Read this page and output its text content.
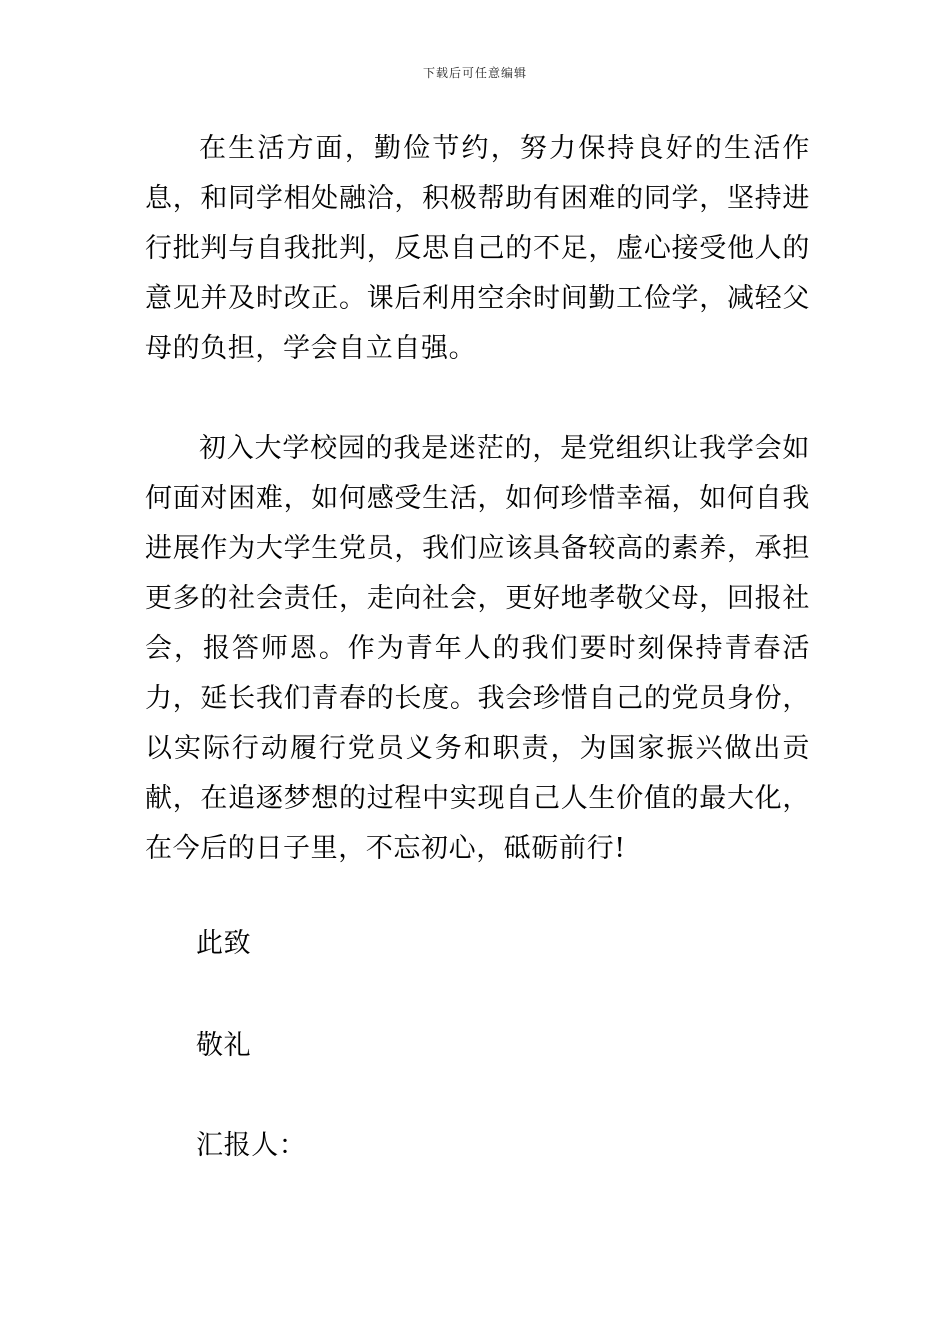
下载后可任意编辑

在生活方面，勤俭节约，努力保持良好的生活作息，和同学相处融洽，积极帮助有困难的同学，坚持进行批判与自我批判，反思自己的不足，虚心接受他人的意见并及时改正。课后利用空余时间勤工俭学，减轻父母的负担，学会自立自强。

初入大学校园的我是迷茫的，是党组织让我学会如何面对困难，如何感受生活，如何珍惜幸福，如何自我进展作为大学生党员，我们应该具备较高的素养，承担更多的社会责任，走向社会，更好地孝敬父母，回报社会，报答师恩。作为青年人的我们要时刻保持青春活力，延长我们青春的长度。我会珍惜自己的党员身份，以实际行动履行党员义务和职责，为国家振兴做出贡献，在追逐梦想的过程中实现自己人生价值的最大化，在今后的日子里，不忘初心，砥砺前行!

此致
敬礼
汇报人：
